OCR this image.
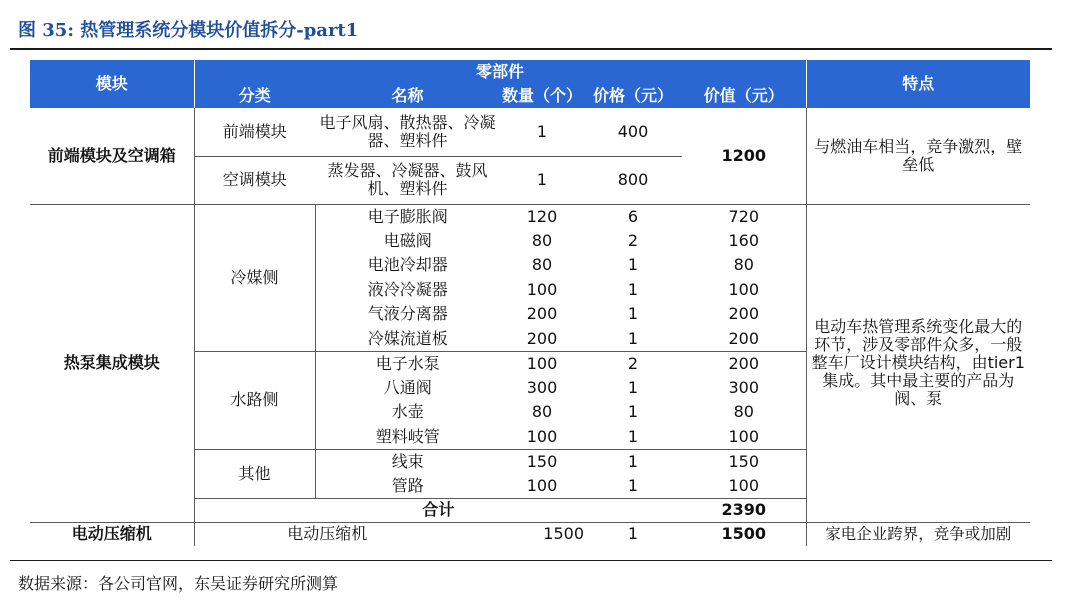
图 35: 热管理系统分模块价值拆分-part1
模块	零部件					特点
	分类	名称	数量（个）	价格（元）	价值（元）	
前端模块及空调箱	前端模块	电子风扇、散热器、冷凝器、塑料件	1	400	1200	与燃油车相当，竞争激烈，壁垒低
	空调模块	蒸发器、冷凝器、鼓风机、塑料件	1	800		
热泵集成模块	冷媒侧	电子膨胀阀	120	6	720	电动车热管理系统变化最大的环节，涉及零部件众多，一般整车厂设计模块结构，由tier1集成。其中最主要的产品为阀、泵
		电磁阀	80	2	160	
		电池冷却器	80	1	80	
		液冷冷凝器	100	1	100	
		气液分离器	200	1	200	
		冷媒流道板	200	1	200	
	水路侧	电子水泵	100	2	200	
		八通阀	300	1	300	
		水壶	80	1	80	
		塑料岐管	100	1	100	
	其他	线束	150	1	150	
		管路	100	1	100	
	合计				2390	
电动压缩机	电动压缩机		1500	1	1500	家电企业跨界，竞争或加剧
数据来源：各公司官网，东吴证券研究所测算
